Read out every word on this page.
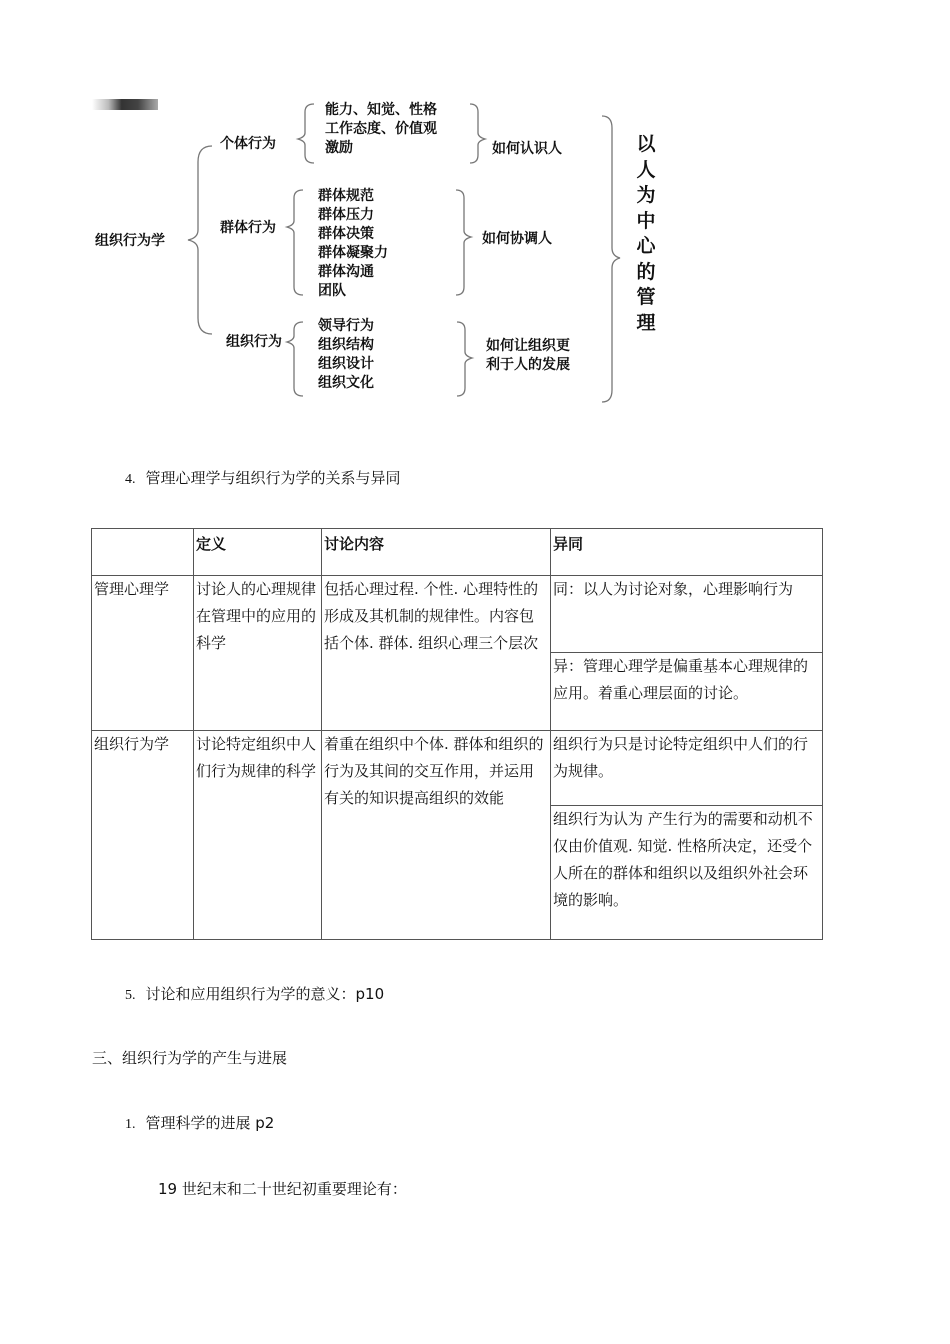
组织行为学
个体行为
能力、知觉、性格
工作态度、价值观
激励	如何认识人
群体行为
群体规范
群体压力
群体决策
群体凝聚力
群体沟通
团队
如何协调人
组织行为
领导行为
组织结构
组织设计
组织文化
如何让组织更
利于人的发展
以
人
为
中
心
的
管
理
4. 管理心理学与组织行为学的关系与异同
	定义	讨论内容	异同
管理心理学	讨论人的心理规律在管理中的应用的科学	包括心理过程. 个性. 心理特性的形成及其机制的规律性。内容包括个体. 群体. 组织心理三个层次	同：以人为讨论对象，心理影响行为
异：管理心理学是偏重基本心理规律的应用。着重心理层面的讨论。

组织行为学	讨论特定组织中人们行为规律的科学	着重在组织中个体. 群体和组织的行为及其间的交互作用，并运用有关的知识提高组织的效能	组织行为只是讨论特定组织中人们的行为规律。
组织行为认为 产生行为的需要和动机不仅由价值观. 知觉. 性格所决定，还受个人所在的群体和组织以及组织外社会环境的影响。
5. 讨论和应用组织行为学的意义：p10
三、组织行为学的产生与进展
1. 管理科学的进展 p2
19 世纪末和二十世纪初重要理论有：
